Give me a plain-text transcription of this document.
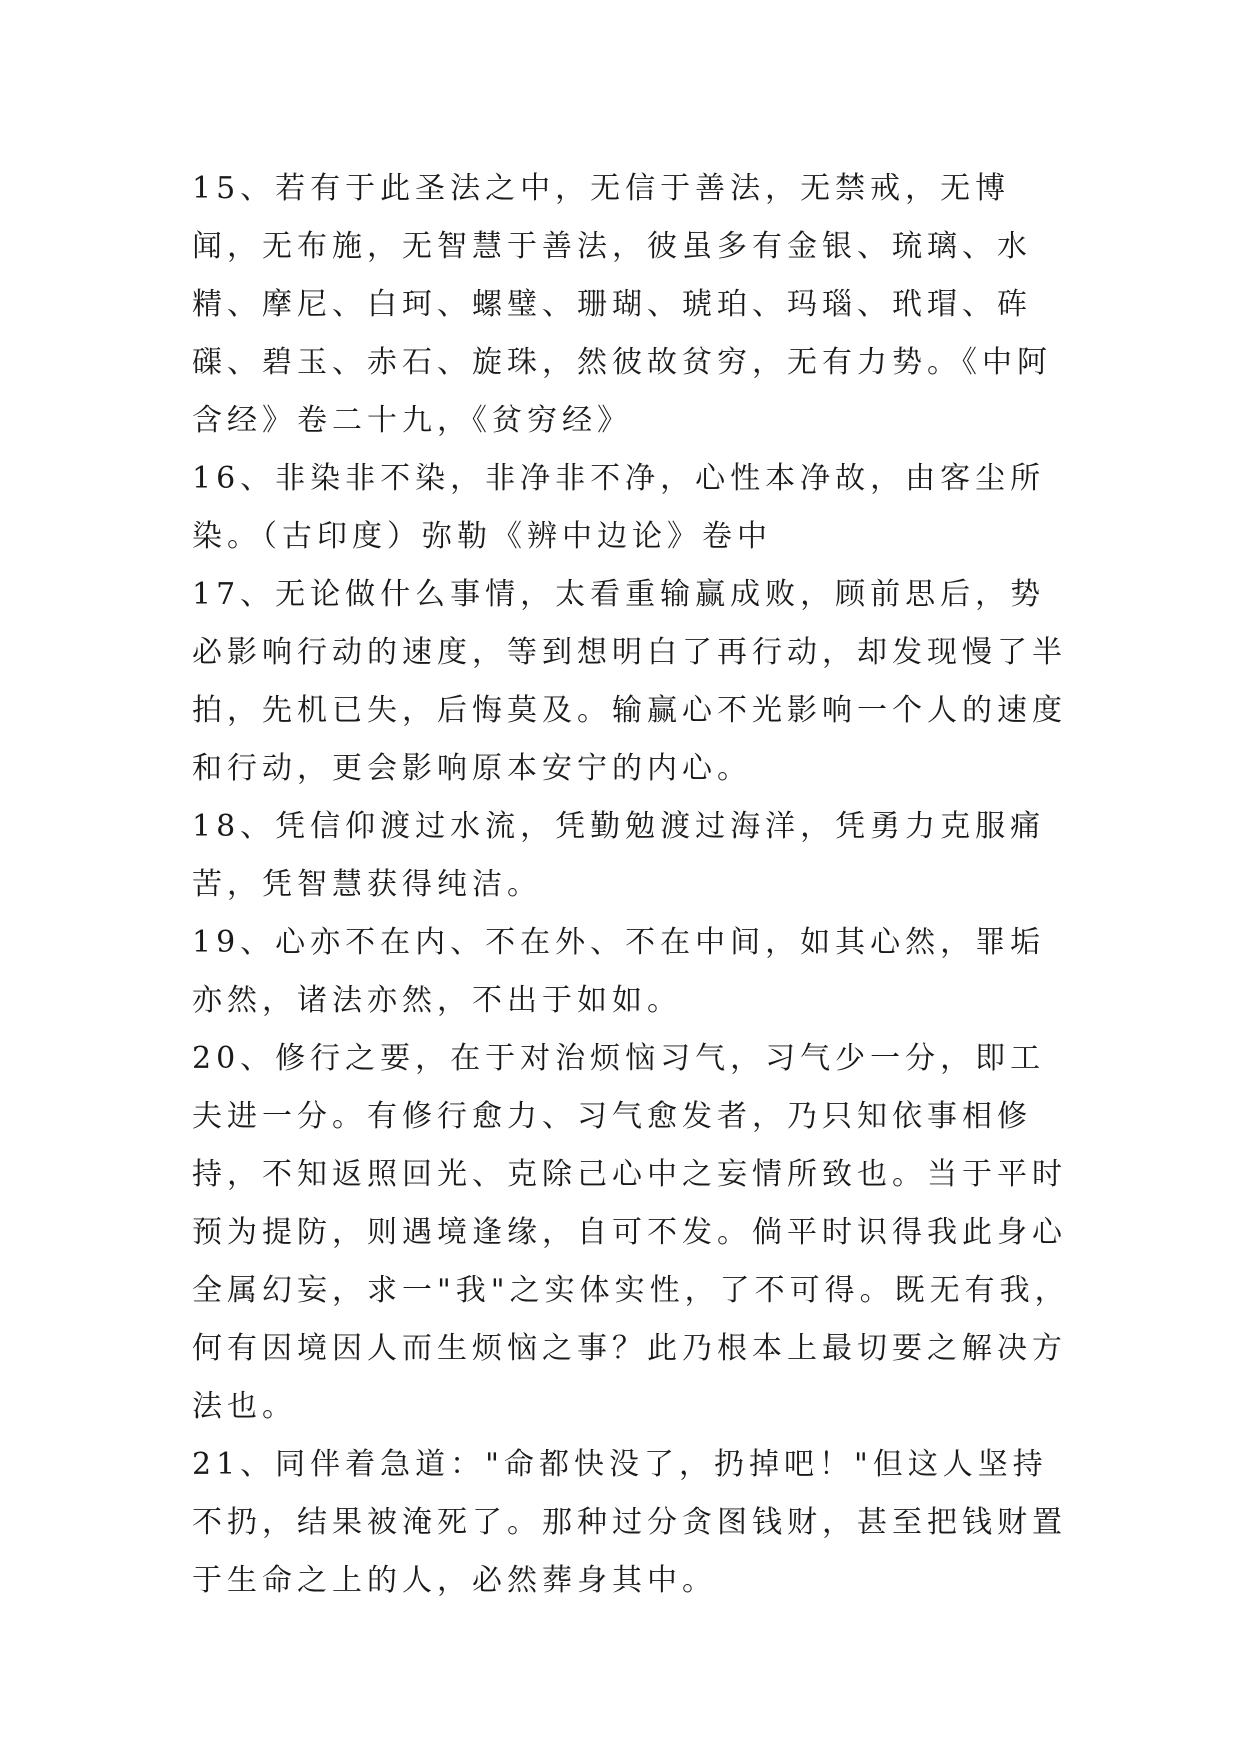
15、若有于此圣法之中，无信于善法，无禁戒，无博闻，无布施，无智慧于善法，彼虽多有金银、琉璃、水精、摩尼、白珂、螺璧、珊瑚、琥珀、玛瑙、玳瑁、砗磲、碧玉、赤石、旋珠，然彼故贫穷，无有力势。《中阿含经》卷二十九，《贫穷经》

16、非染非不染，非净非不净，心性本净故，由客尘所染。（古印度）弥勒《辨中边论》卷中

17、无论做什么事情，太看重输赢成败，顾前思后，势必影响行动的速度，等到想明白了再行动，却发现慢了半拍，先机已失，后悔莫及。输赢心不光影响一个人的速度和行动，更会影响原本安宁的内心。

18、凭信仰渡过水流，凭勤勉渡过海洋，凭勇力克服痛苦，凭智慧获得纯洁。

19、心亦不在内、不在外、不在中间，如其心然，罪垢亦然，诸法亦然，不出于如如。

20、修行之要，在于对治烦恼习气，习气少一分，即工夫进一分。有修行愈力、习气愈发者，乃只知依事相修持，不知返照回光、克除己心中之妄情所致也。当于平时预为提防，则遇境逢缘，自可不发。倘平时识得我此身心全属幻妄，求一"我"之实体实性，了不可得。既无有我，何有因境因人而生烦恼之事？此乃根本上最切要之解决方法也。

21、同伴着急道："命都快没了，扔掉吧！"但这人坚持不扔，结果被淹死了。那种过分贪图钱财，甚至把钱财置于生命之上的人，必然葬身其中。
